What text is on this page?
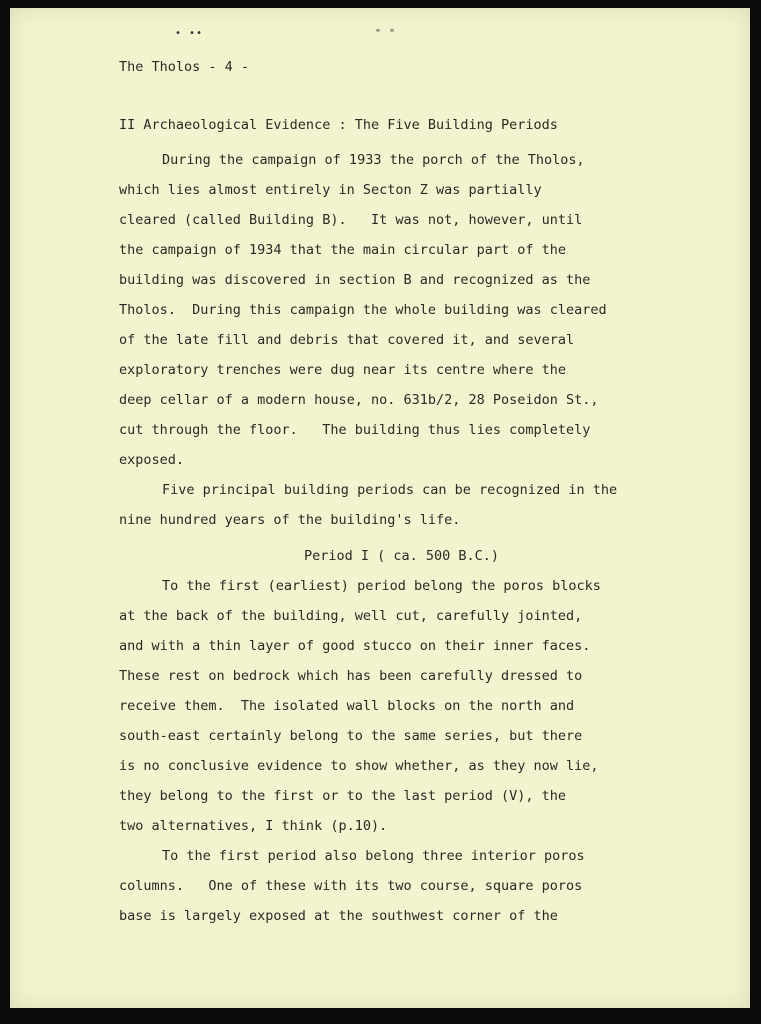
• ••	" "
The Tholos - 4 -
II Archaeological Evidence : The Five Building Periods
During the campaign of 1933 the porch of the Tholos,
which lies almost entirely in Secton Z was partially
cleared (called Building B).   It was not, however, until
the campaign of 1934 that the main circular part of the
building was discovered in section B and recognized as the
Tholos.  During this campaign the whole building was cleared
of the late fill and debris that covered it, and several
exploratory trenches were dug near its centre where the
deep cellar of a modern house, no. 631b/2, 28 Poseidon St.,
cut through the floor.   The building thus lies completely
exposed.
Five principal building periods can be recognized in the
nine hundred years of the building's life.
Period I ( ca. 500 B.C.)
To the first (earliest) period belong the poros blocks
at the back of the building, well cut, carefully jointed,
and with a thin layer of good stucco on their inner faces.
These rest on bedrock which has been carefully dressed to
receive them.  The isolated wall blocks on the north and
south-east certainly belong to the same series, but there
is no conclusive evidence to show whether, as they now lie,
they belong to the first or to the last period (V), the
two alternatives, I think (p.10).
To the first period also belong three interior poros
columns.   One of these with its two course, square poros
base is largely exposed at the southwest corner of the
